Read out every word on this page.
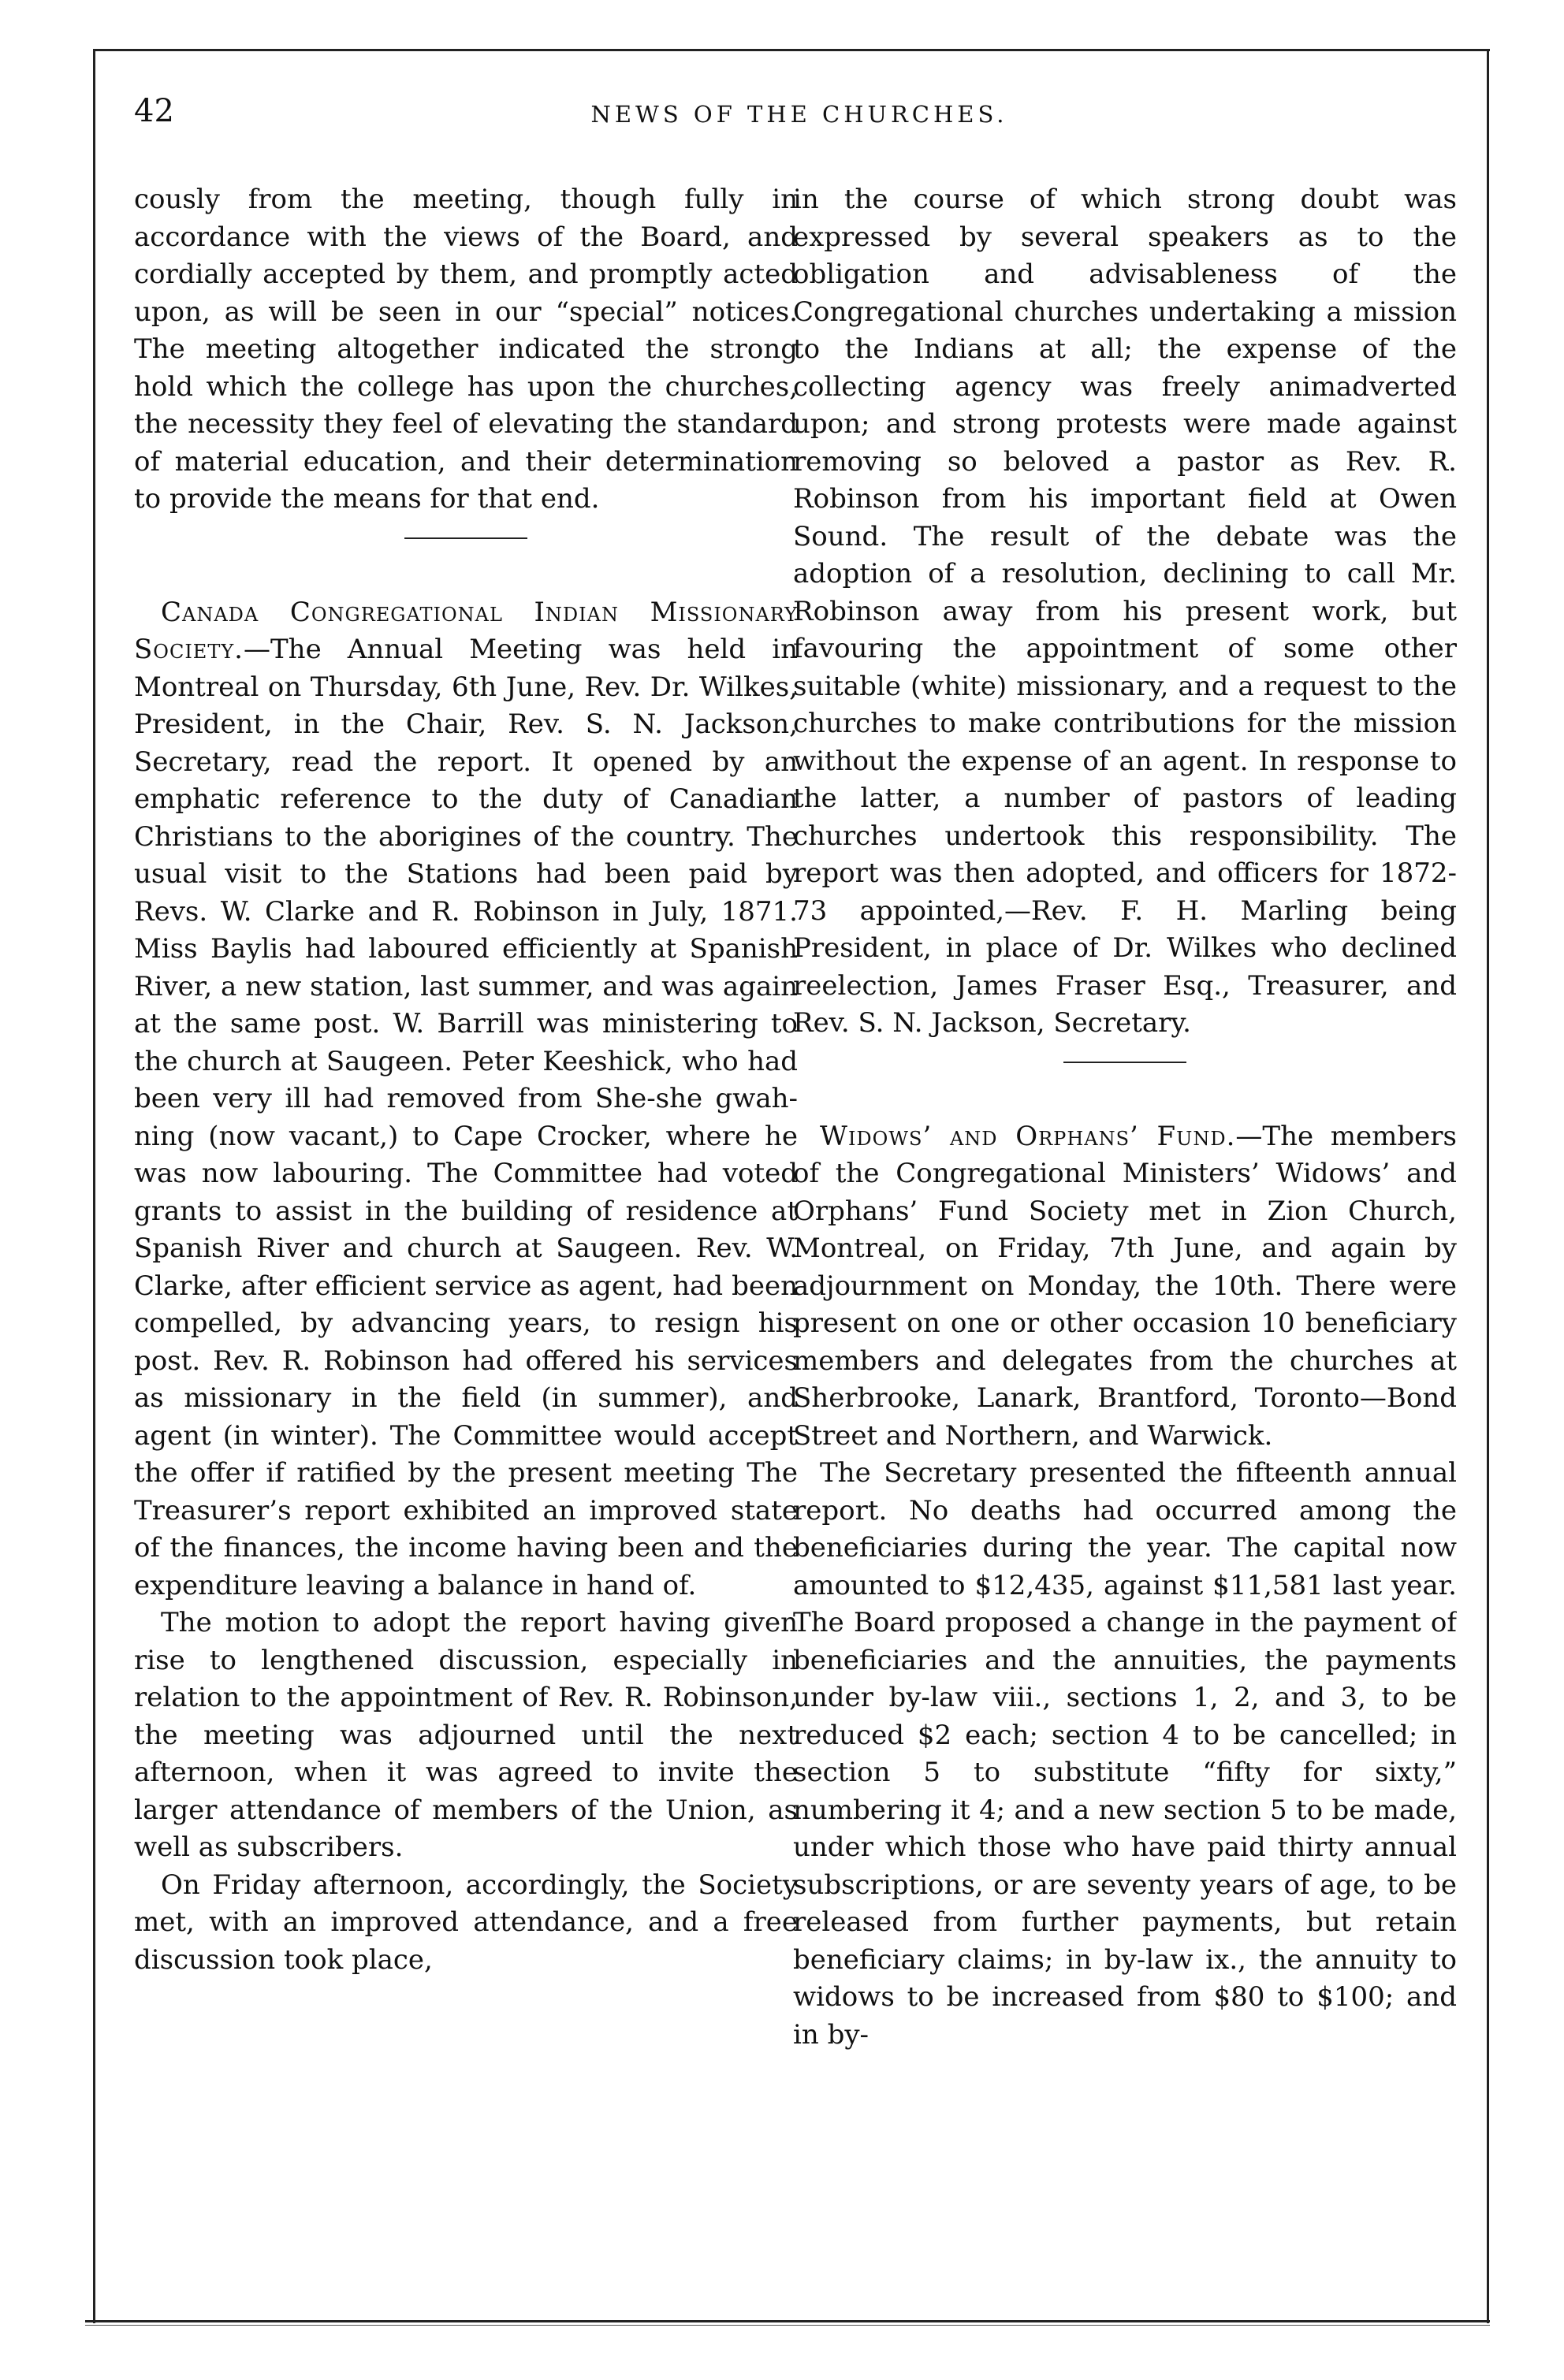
42	NEWS OF THE CHURCHES.

cously from the meeting, though fully in accordance with the views of the Board, and cordially accepted by them, and promptly acted upon, as will be seen in our “special” notices. The meeting altogether indicated the strong hold which the college has upon the churches, the necessity they feel of elevating the standard of material education, and their determination to provide the means for that end.

Canada Congregational Indian Missionary Society.—The Annual Meeting was held in Montreal on Thursday, 6th June, Rev. Dr. Wilkes, President, in the Chair, Rev. S. N. Jackson, Secretary, read the report. It opened by an emphatic reference to the duty of Canadian Christians to the aborigines of the country. The usual visit to the Stations had been paid by Revs. W. Clarke and R. Robinson in July, 1871. Miss Baylis had laboured efficiently at Spanish River, a new station, last summer, and was again at the same post. W. Barrill was ministering to the church at Saugeen. Peter Keeshick, who had been very ill had removed from She-she gwah-ning (now vacant,) to Cape Crocker, where he was now labouring. The Committee had voted grants to assist in the building of residence at Spanish River and church at Saugeen. Rev. W. Clarke, after efficient service as agent, had been compelled, by advancing years, to resign his post. Rev. R. Robinson had offered his services as missionary in the field (in summer), and agent (in winter). The Committee would accept the offer if ratified by the present meeting The Treasurer’s report exhibited an improved state of the finances, the income having been and the expenditure leaving a balance in hand of.

The motion to adopt the report having given rise to lengthened discussion, especially in relation to the appointment of Rev. R. Robinson, the meeting was adjourned until the next afternoon, when it was agreed to invite the larger attendance of members of the Union, as well as subscribers.

On Friday afternoon, accordingly, the Society met, with an improved attendance, and a free discussion took place,

in the course of which strong doubt was expressed by several speakers as to the obligation and advisableness of the Congregational churches undertaking a mission to the Indians at all; the expense of the collecting agency was freely animadverted upon; and strong protests were made against removing so beloved a pastor as Rev. R. Robinson from his important field at Owen Sound. The result of the debate was the adoption of a resolution, declining to call Mr. Robinson away from his present work, but favouring the appointment of some other suitable (white) missionary, and a request to the churches to make contributions for the mission without the expense of an agent. In response to the latter, a number of pastors of leading churches undertook this responsibility. The report was then adopted, and officers for 1872-73 appointed,—Rev. F. H. Marling being President, in place of Dr. Wilkes who declined reelection, James Fraser Esq., Treasurer, and Rev. S. N. Jackson, Secretary.

Widows’ and Orphans’ Fund.—The members of the Congregational Ministers’ Widows’ and Orphans’ Fund Society met in Zion Church, Montreal, on Friday, 7th June, and again by adjournment on Monday, the 10th. There were present on one or other occasion 10 beneficiary members and delegates from the churches at Sherbrooke, Lanark, Brantford, Toronto—Bond Street and Northern, and Warwick.

The Secretary presented the fifteenth annual report. No deaths had occurred among the beneficiaries during the year. The capital now amounted to $12,435, against $11,581 last year. The Board proposed a change in the payment of beneficiaries and the annuities, the payments under by-law viii., sections 1, 2, and 3, to be reduced $2 each; section 4 to be cancelled; in section 5 to substitute “fifty for sixty,” numbering it 4; and a new section 5 to be made, under which those who have paid thirty annual subscriptions, or are seventy years of age, to be released from further payments, but retain beneficiary claims; in by-law ix., the annuity to widows to be increased from $80 to $100; and in by-
